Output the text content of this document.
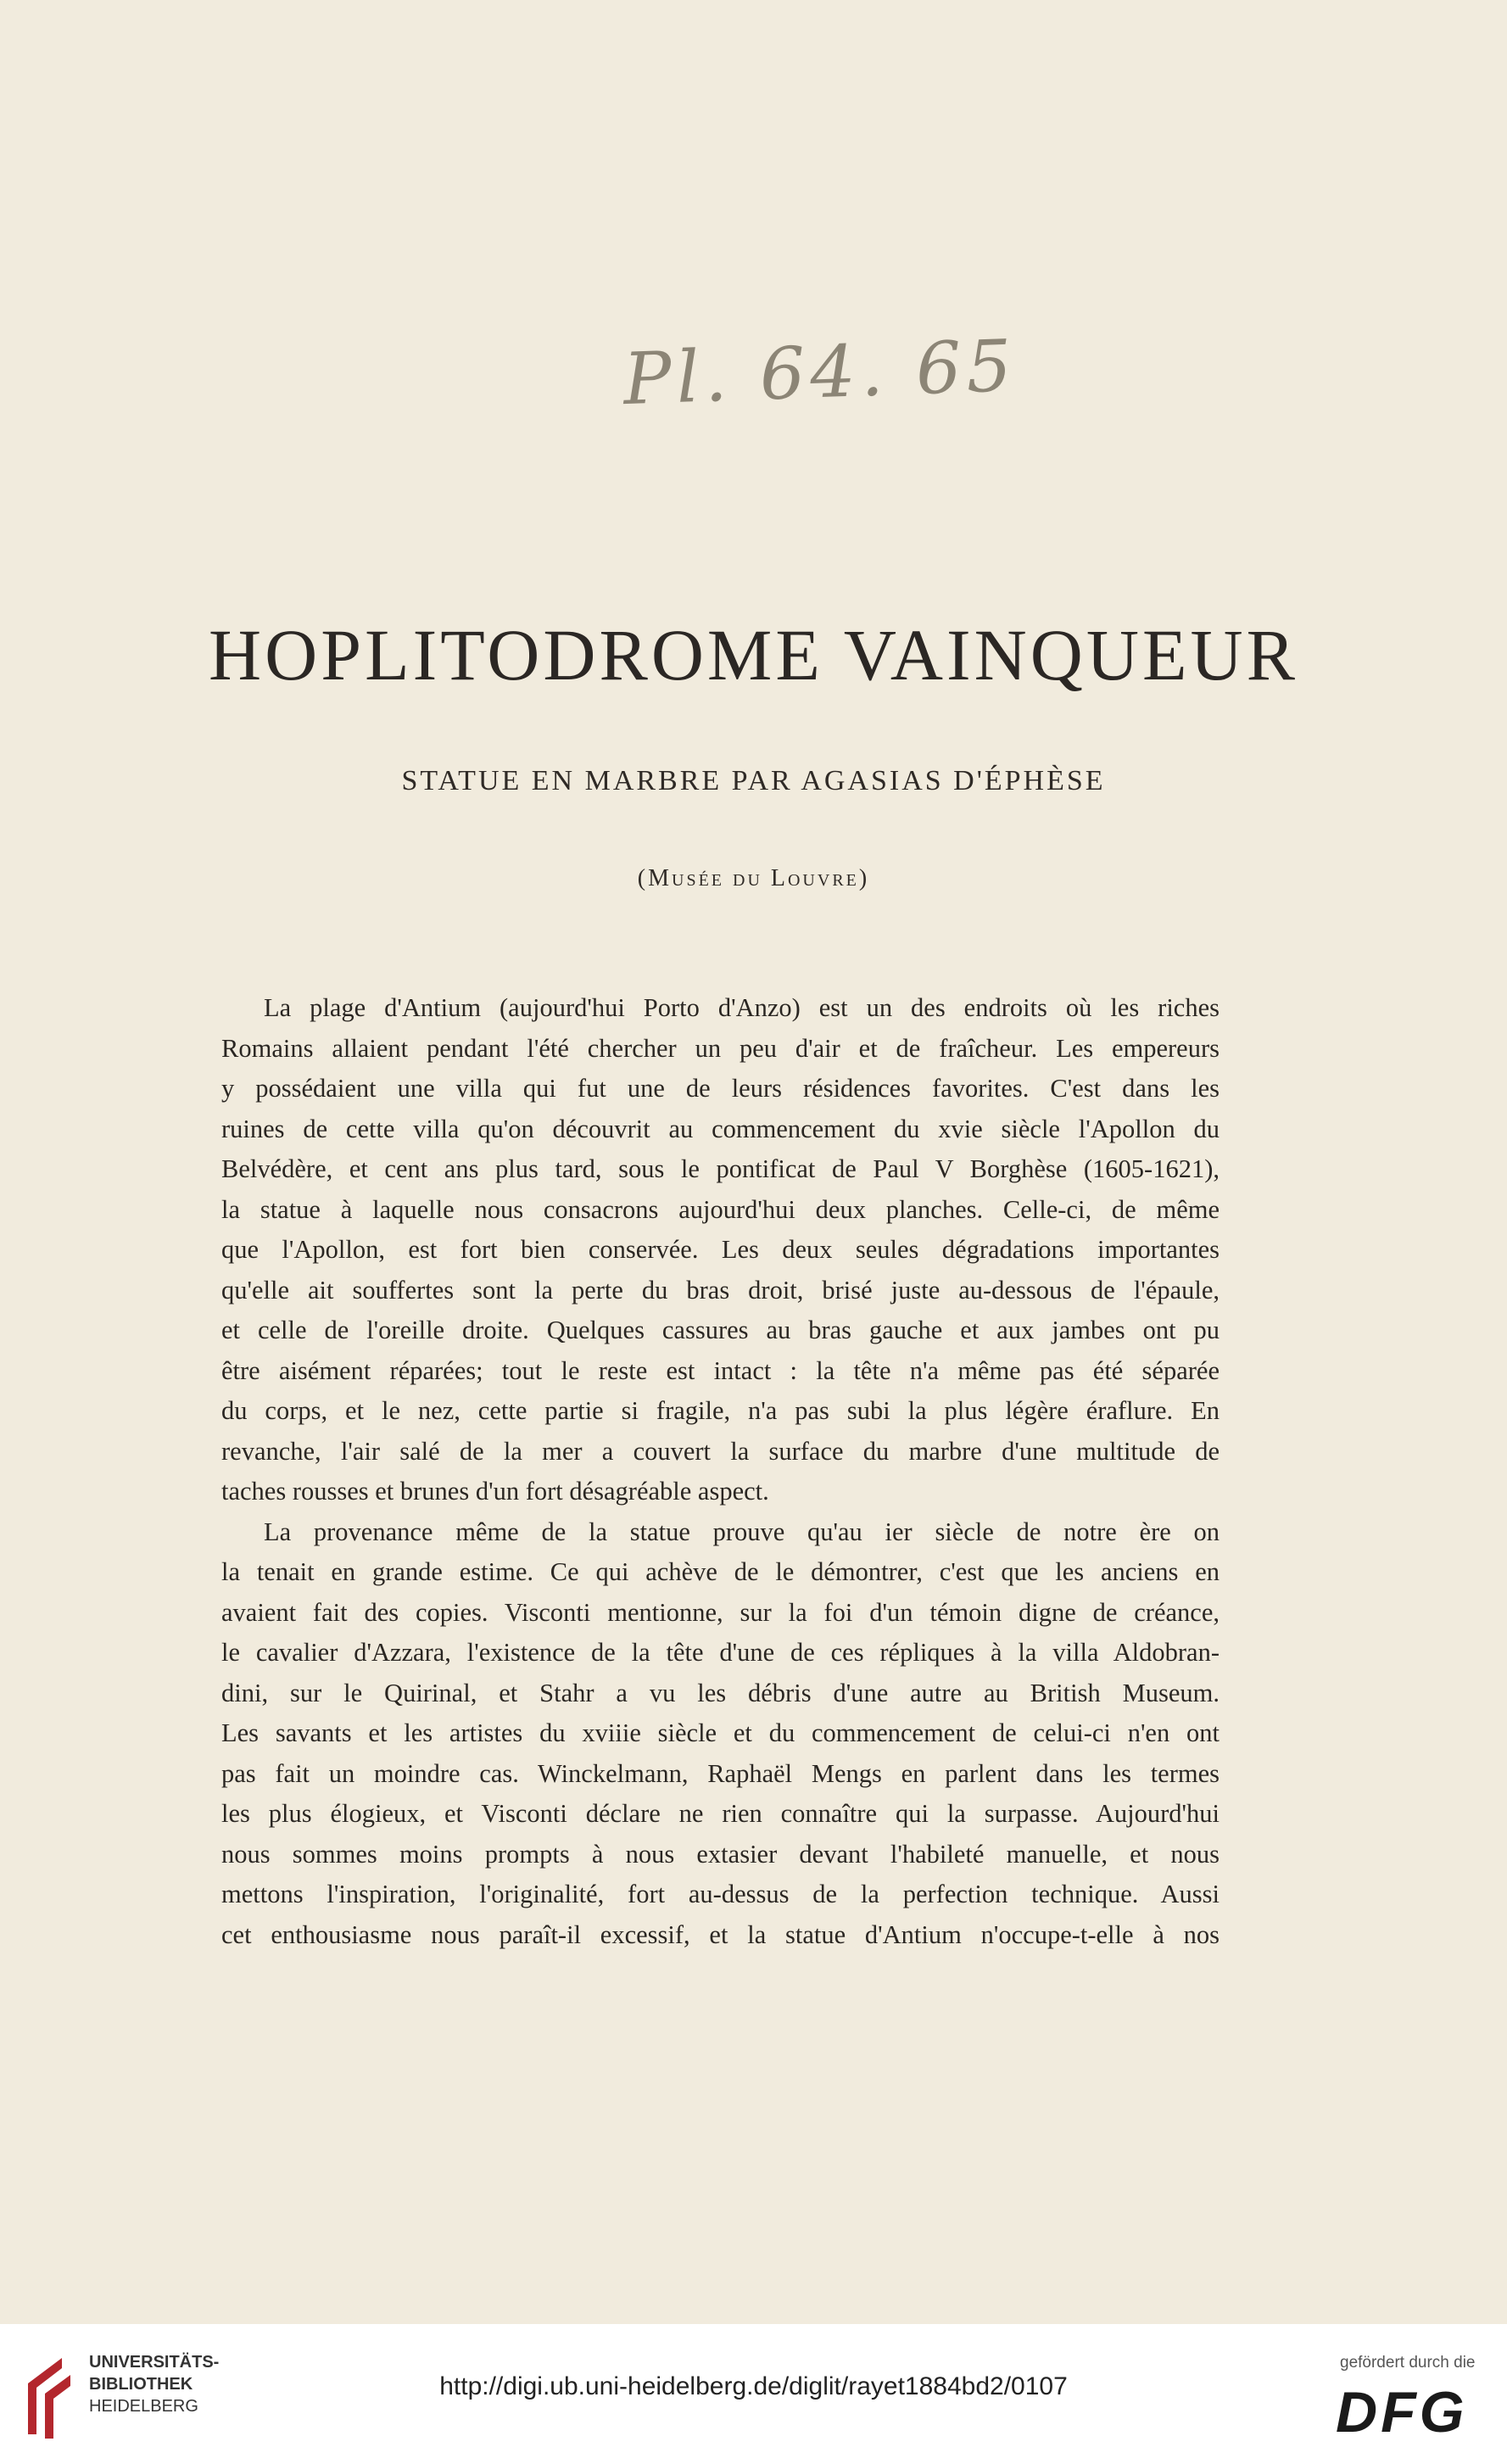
Pl. 64. 65
HOPLITODROME VAINQUEUR
STATUE EN MARBRE PAR AGASIAS D'ÉPHÈSE
(Musée du Louvre)
La plage d'Antium (aujourd'hui Porto d'Anzo) est un des endroits où les riches
Romains allaient pendant l'été chercher un peu d'air et de fraîcheur. Les empereurs
y possédaient une villa qui fut une de leurs résidences favorites. C'est dans les
ruines de cette villa qu'on découvrit au commencement du xvie siècle l'Apollon du
Belvédère, et cent ans plus tard, sous le pontificat de Paul V Borghèse (1605-1621),
la statue à laquelle nous consacrons aujourd'hui deux planches. Celle-ci, de même
que l'Apollon, est fort bien conservée. Les deux seules dégradations importantes
qu'elle ait souffertes sont la perte du bras droit, brisé juste au-dessous de l'épaule,
et celle de l'oreille droite. Quelques cassures au bras gauche et aux jambes ont pu
être aisément réparées; tout le reste est intact : la tête n'a même pas été séparée
du corps, et le nez, cette partie si fragile, n'a pas subi la plus légère éraflure. En
revanche, l'air salé de la mer a couvert la surface du marbre d'une multitude de
taches rousses et brunes d'un fort désagréable aspect.
La provenance même de la statue prouve qu'au ier siècle de notre ère on
la tenait en grande estime. Ce qui achève de le démontrer, c'est que les anciens en
avaient fait des copies. Visconti mentionne, sur la foi d'un témoin digne de créance,
le cavalier d'Azzara, l'existence de la tête d'une de ces répliques à la villa Aldobran-
dini, sur le Quirinal, et Stahr a vu les débris d'une autre au British Museum.
Les savants et les artistes du xviiie siècle et du commencement de celui-ci n'en ont
pas fait un moindre cas. Winckelmann, Raphaël Mengs en parlent dans les termes
les plus élogieux, et Visconti déclare ne rien connaître qui la surpasse. Aujourd'hui
nous sommes moins prompts à nous extasier devant l'habileté manuelle, et nous
mettons l'inspiration, l'originalité, fort au-dessus de la perfection technique. Aussi
cet enthousiasme nous paraît-il excessif, et la statue d'Antium n'occupe-t-elle à nos
UNIVERSITÄTS-
BIBLIOTHEK
HEIDELBERG
http://digi.ub.uni-heidelberg.de/diglit/rayet1884bd2/0107
gefördert durch die
DFG
